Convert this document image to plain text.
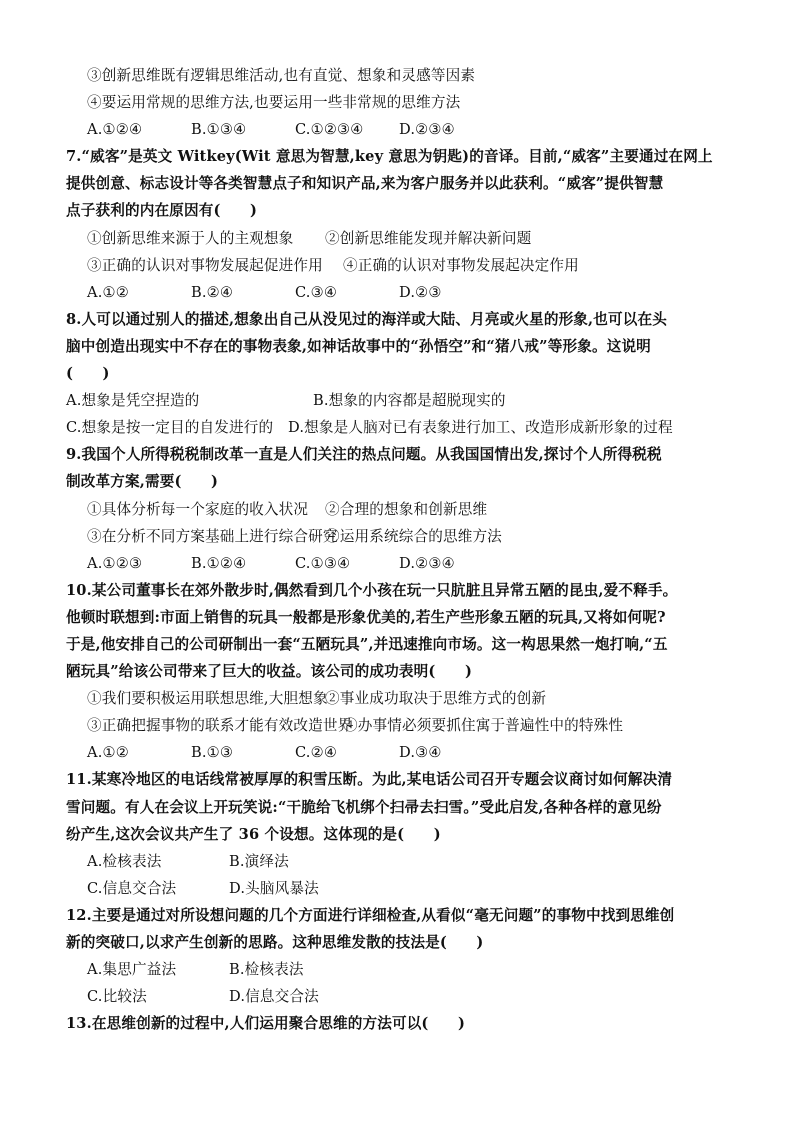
③创新思维既有逻辑思维活动,也有直觉、想象和灵感等因素
④要运用常规的思维方法,也要运用一些非常规的思维方法
A.①②④	B.①③④	C.①②③④ D.②③④
7.“威客”是英文 Witkey(Wit 意思为智慧,key 意思为钥匙)的音译。目前,“威客”主要通过在网上
提供创意、标志设计等各类智慧点子和知识产品,来为客户服务并以此获利。“威客”提供智慧
点子获利的内在原因有(　　)
①创新思维来源于人的主观想象 ②创新思维能发现并解决新问题
③正确的认识对事物发展起促进作用 ④正确的认识对事物发展起决定作用
A.①②	B.②④	C.③④	D.②③
8.人可以通过别人的描述,想象出自己从没见过的海洋或大陆、月亮或火星的形象,也可以在头
脑中创造出现实中不存在的事物表象,如神话故事中的“孙悟空”和“猪八戒”等形象。这说明
(　　)
A.想象是凭空捏造的	B.想象的内容都是超脱现实的
C.想象是按一定目的自发进行的　D.想象是人脑对已有表象进行加工、改造形成新形象的过程
9.我国个人所得税税制改革一直是人们关注的热点问题。从我国国情出发,探讨个人所得税税
制改革方案,需要(　　)
①具体分析每一个家庭的收入状况 ②合理的想象和创新思维
③在分析不同方案基础上进行综合研究④运用系统综合的思维方法
A.①②③	B.①②④	C.①③④	D.②③④
10.某公司董事长在郊外散步时,偶然看到几个小孩在玩一只肮脏且异常五陋的昆虫,爱不释手。
他顿时联想到:市面上销售的玩具一般都是形象优美的,若生产些形象五陋的玩具,又将如何呢?
于是,他安排自己的公司研制出一套“五陋玩具”,并迅速推向市场。这一构思果然一炮打响,“五
陋玩具”给该公司带来了巨大的收益。该公司的成功表明(　　)
①我们要积极运用联想思维,大胆想象②事业成功取决于思维方式的创新
③正确把握事物的联系才能有效改造世界④办事情必须要抓住寓于普遍性中的特殊性
A.①②	B.①③	C.②④	D.③④
11.某寒冷地区的电话线常被厚厚的积雪压断。为此,某电话公司召开专题会议商讨如何解决清
雪问题。有人在会议上开玩笑说:“干脆给飞机绑个扫帚去扫雪。”受此启发,各种各样的意见纷
纷产生,这次会议共产生了 36 个设想。这体现的是(　　)
A.检核表法	B.演绎法
C.信息交合法	D.头脑风暴法
12.主要是通过对所设想问题的几个方面进行详细检查,从看似“毫无问题”的事物中找到思维创
新的突破口,以求产生创新的思路。这种思维发散的技法是(　　)
A.集思广益法	B.检核表法
C.比较法	D.信息交合法
13.在思维创新的过程中,人们运用聚合思维的方法可以(　　)
